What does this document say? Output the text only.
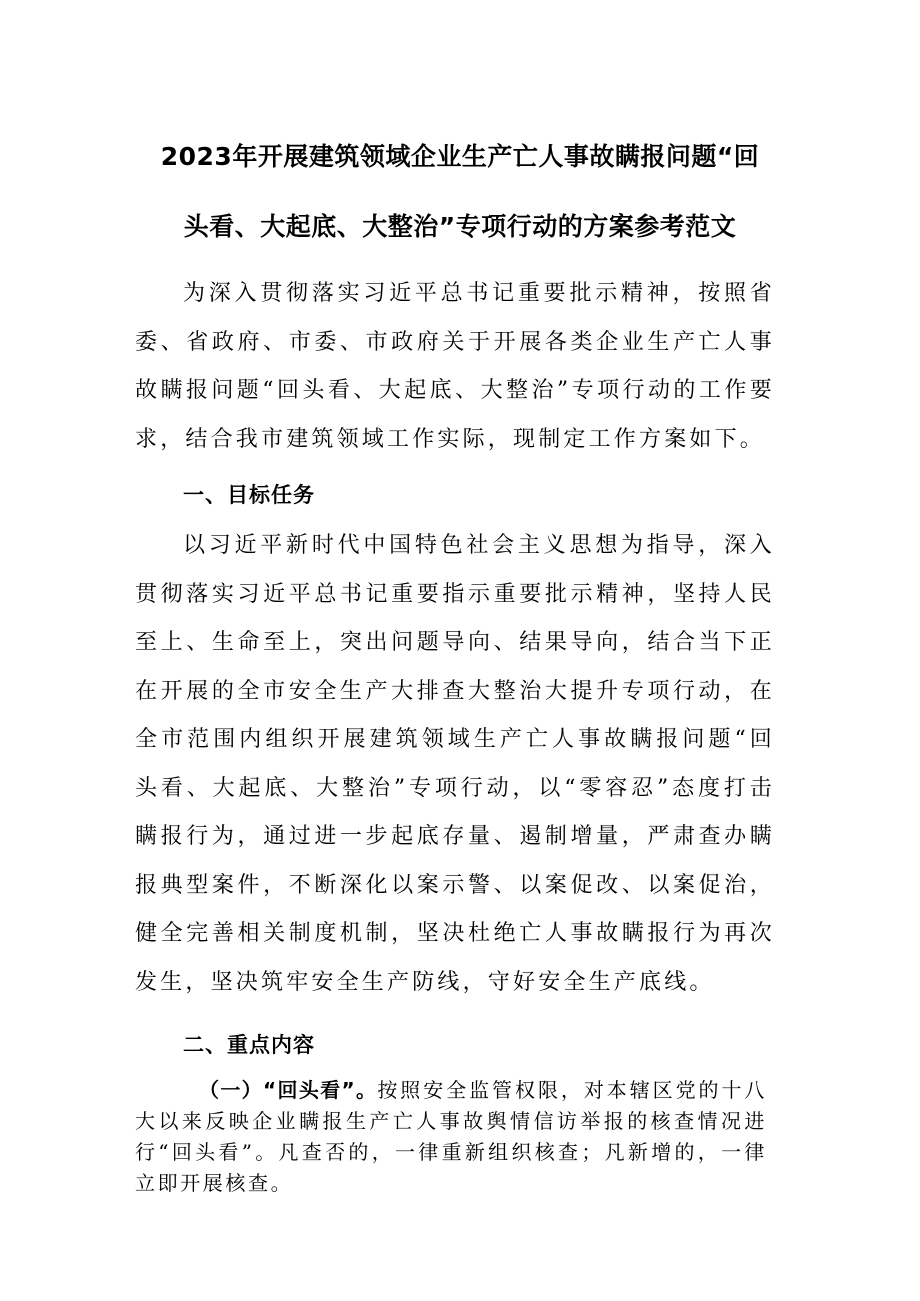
2023年开展建筑领域企业生产亡人事故瞒报问题“回
头看、大起底、大整治”专项行动的方案参考范文

为深入贯彻落实习近平总书记重要批示精神，按照省委、省政府、市委、市政府关于开展各类企业生产亡人事故瞒报问题“回头看、大起底、大整治”专项行动的工作要求，结合我市建筑领域工作实际，现制定工作方案如下。

一、目标任务

以习近平新时代中国特色社会主义思想为指导，深入贯彻落实习近平总书记重要指示重要批示精神，坚持人民至上、生命至上，突出问题导向、结果导向，结合当下正在开展的全市安全生产大排查大整治大提升专项行动，在全市范围内组织开展建筑领域生产亡人事故瞒报问题“回头看、大起底、大整治”专项行动，以“零容忍”态度打击瞒报行为，通过进一步起底存量、遏制增量，严肃查办瞒报典型案件，不断深化以案示警、以案促改、以案促治，健全完善相关制度机制，坚决杜绝亡人事故瞒报行为再次发生，坚决筑牢安全生产防线，守好安全生产底线。

二、重点内容

（一）“回头看”。按照安全监管权限，对本辖区党的十八大以来反映企业瞒报生产亡人事故舆情信访举报的核查情况进行“回头看”。凡查否的，一律重新组织核查；凡新增的，一律立即开展核查。
